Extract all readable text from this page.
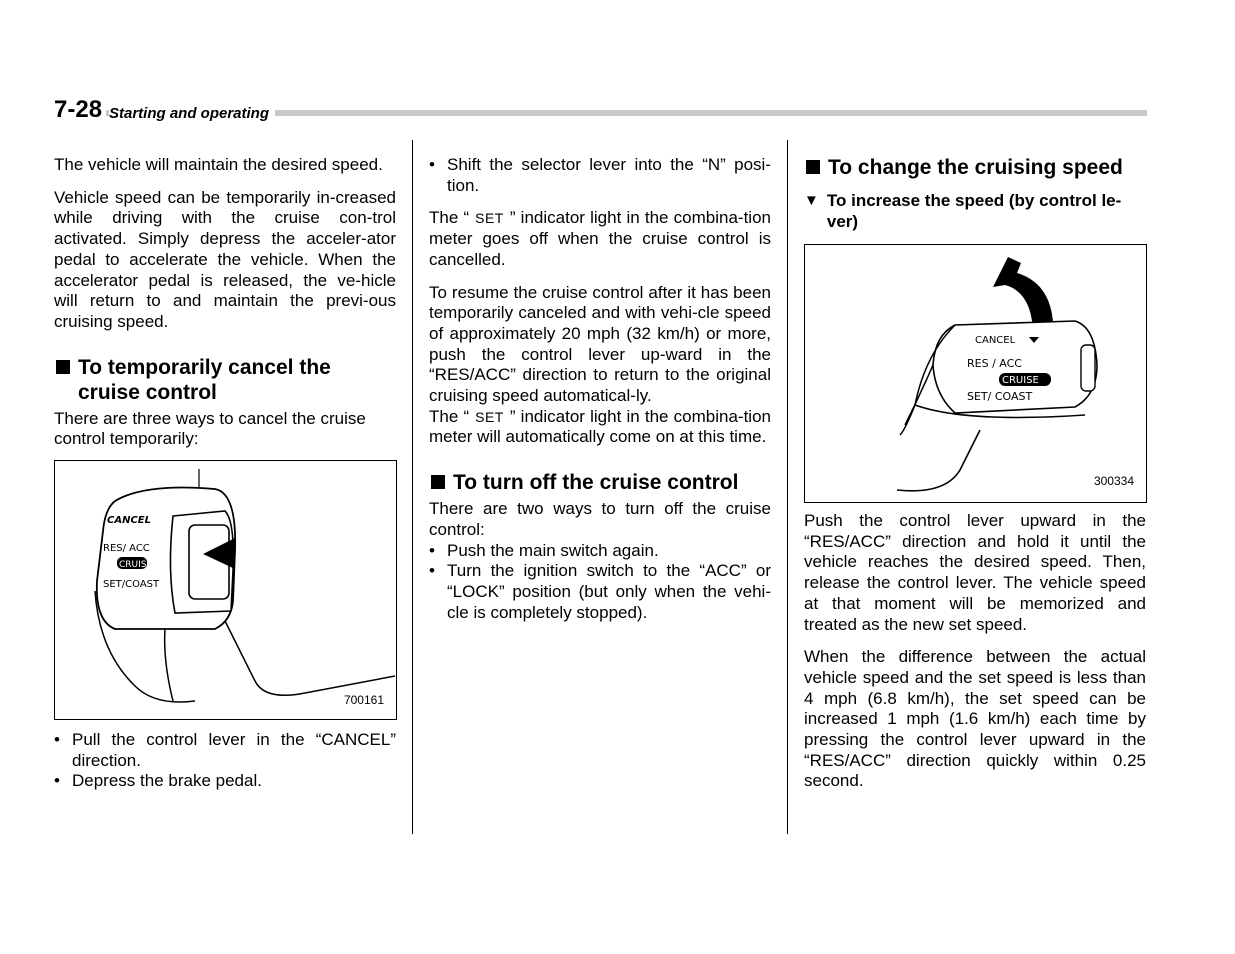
7-28 Starting and operating

The vehicle will maintain the desired speed.

Vehicle speed can be temporarily in-creased while driving with the cruise con-trol activated. Simply depress the acceler-ator pedal to accelerate the vehicle. When the accelerator pedal is released, the ve-hicle will return to and maintain the previ-ous cruising speed.

To temporarily cancel the cruise control

There are three ways to cancel the cruise control temporarily:

CANCEL
RES/ ACC
CRUISE
SET/COAST
700161
• Pull the control lever in the “CANCEL” direction.
• Depress the brake pedal.
• Shift the selector lever into the “N” posi-tion.

The “ SET ” indicator light in the combina-tion meter goes off when the cruise control is cancelled.

To resume the cruise control after it has been temporarily canceled and with vehi-cle speed of approximately 20 mph (32 km/h) or more, push the control lever up-ward in the “RES/ACC” direction to return to the original cruising speed automatical-ly.

The “ SET ” indicator light in the combina-tion meter will automatically come on at this time.

To turn off the cruise control

There are two ways to turn off the cruise control:

• Push the main switch again.
• Turn the ignition switch to the “ACC” or “LOCK” position (but only when the vehi-cle is completely stopped).
To change the cruising speed
▼ To increase the speed (by control le-ver)
CANCEL
RES / ACC
CRUISE
SET/ COAST
300334

Push the control lever upward in the “RES/ACC” direction and hold it until the vehicle reaches the desired speed. Then, release the control lever. The vehicle speed at that moment will be memorized and treated as the new set speed.

When the difference between the actual vehicle speed and the set speed is less than 4 mph (6.8 km/h), the set speed can be increased 1 mph (1.6 km/h) each time by pressing the control lever upward in the “RES/ACC” direction quickly within 0.25 second.
